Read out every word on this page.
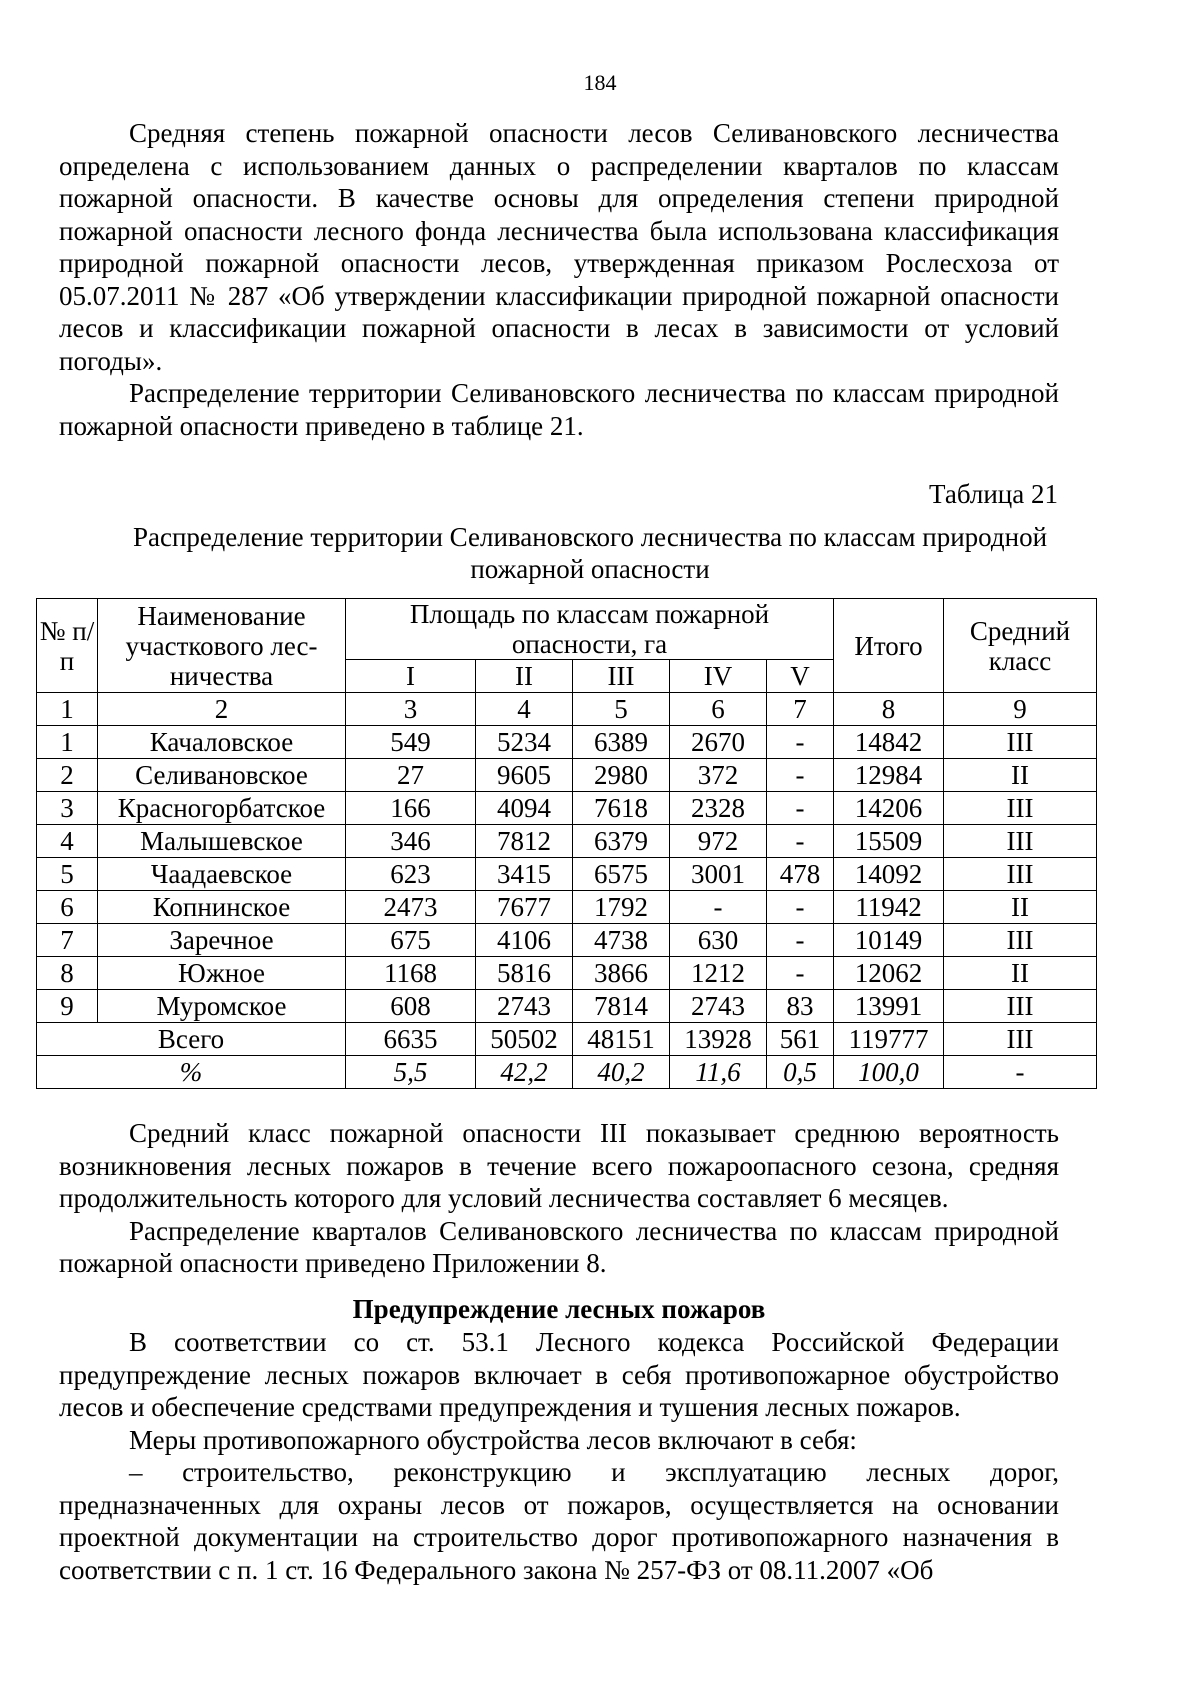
184

Средняя степень пожарной опасности лесов Селивановского лесничества определена с использованием данных о распределении кварталов по классам пожарной опасности. В качестве основы для определения степени природной пожарной опасности лесного фонда лесничества была использована классификация природной пожарной опасности лесов, утвержденная приказом Рослесхоза от 05.07.2011 № 287 «Об утверждении классификации природной пожарной опасности лесов и классификации пожарной опасности в лесах в зависимости от условий погоды».

Распределение территории Селивановского лесничества по классам природной пожарной опасности приведено в таблице 21.

Таблица 21
Распределение территории Селивановского лесничества по классам природной
пожарной опасности
№ п/п	Наименование участкового лес-ничества	Площадь по классам пожарной опасности, га					Итого	Средний класс
		I	II	III	IV	V		
1	2	3	4	5	6	7	8	9
1	Качаловское	549	5234	6389	2670	-	14842	III
2	Селивановское	27	9605	2980	372	-	12984	II
3	Красногорбатское	166	4094	7618	2328	-	14206	III
4	Малышевское	346	7812	6379	972	-	15509	III
5	Чаадаевское	623	3415	6575	3001	478	14092	III
6	Копнинское	2473	7677	1792	-	-	11942	II
7	Заречное	675	4106	4738	630	-	10149	III
8	Южное	1168	5816	3866	1212	-	12062	II
9	Муромское	608	2743	7814	2743	83	13991	III
Всего		6635	50502	48151	13928	561	119777	III
%		5,5	42,2	40,2	11,6	0,5	100,0	-

Средний класс пожарной опасности III показывает среднюю вероятность возникновения лесных пожаров в течение всего пожароопасного сезона, средняя продолжительность которого для условий лесничества составляет 6 месяцев.

Распределение кварталов Селивановского лесничества по классам природной пожарной опасности приведено Приложении 8.

Предупреждение лесных пожаров

В соответствии со ст. 53.1 Лесного кодекса Российской Федерации предупреждение лесных пожаров включает в себя противопожарное обустройство лесов и обеспечение средствами предупреждения и тушения лесных пожаров.

Меры противопожарного обустройства лесов включают в себя:

– строительство, реконструкцию и эксплуатацию лесных дорог, предназначенных для охраны лесов от пожаров, осуществляется на основании проектной документации на строительство дорог противопожарного назначения в соответствии с п. 1 ст. 16 Федерального закона № 257-ФЗ от 08.11.2007 «Об
